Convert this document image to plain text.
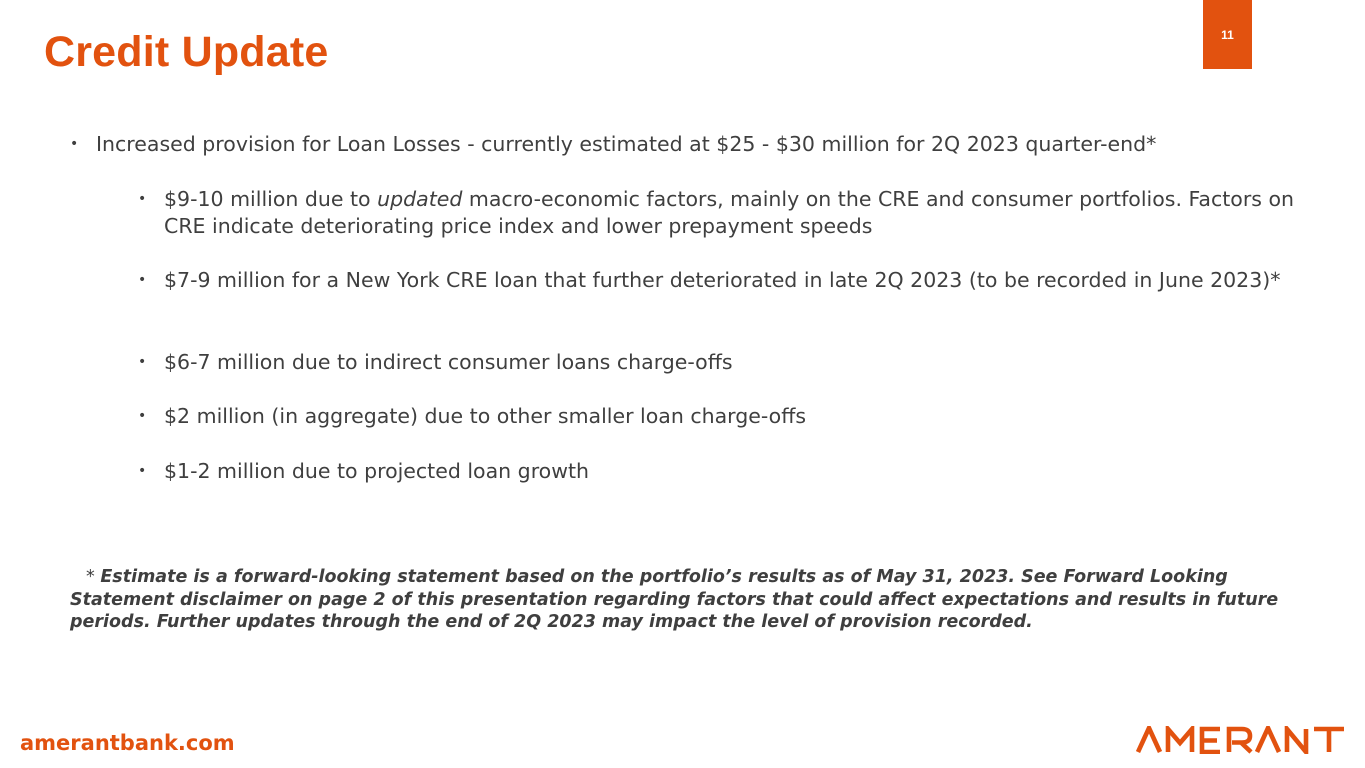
11
Credit Update
• Increased provision for Loan Losses - currently estimated at $25 - $30 million for 2Q 2023 quarter-end*
• $9-10 million due to updated macro-economic factors, mainly on the CRE and consumer portfolios. Factors on CRE indicate deteriorating price index and lower prepayment speeds
• $7-9 million for a New York CRE loan that further deteriorated in late 2Q 2023 (to be recorded in June 2023)*
• $6-7 million due to indirect consumer loans charge-offs
• $2 million (in aggregate) due to other smaller loan charge-offs
• $1-2 million due to projected loan growth
* Estimate is a forward-looking statement based on the portfolio’s results as of May 31, 2023. See Forward Looking Statement disclaimer on page 2 of this presentation regarding factors that could affect expectations and results in future periods. Further updates through the end of 2Q 2023 may impact the level of provision recorded.
amerantbank.com
